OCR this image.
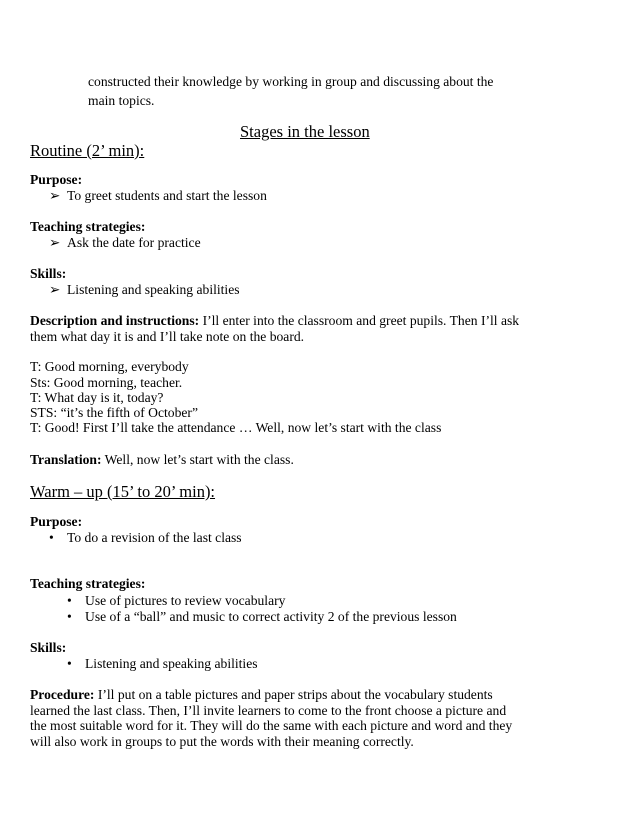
constructed their knowledge by working in group and discussing about the
main topics.
Stages in the lesson
Routine (2’ min):
Purpose:
➢ To greet students and start the lesson
Teaching strategies:
➢ Ask the date for practice
Skills:
➢ Listening and speaking abilities
Description and instructions: I’ll enter into the classroom and greet pupils. Then I’ll ask
them what day it is and I’ll take note on the board.
T: Good morning, everybody
Sts: Good morning, teacher.
T: What day is it, today?
STS: “it’s the fifth of October”
T: Good! First I’ll take the attendance … Well, now let’s start with the class
Translation: Well, now let’s start with the class.
Warm – up (15’ to 20’ min):
Purpose:
• To do a revision of the last class
Teaching strategies:
• Use of pictures to review vocabulary
• Use of a “ball” and music to correct activity 2 of the previous lesson
Skills:
• Listening and speaking abilities
Procedure: I’ll put on a table pictures and paper strips about the vocabulary students
learned the last class. Then, I’ll invite learners to come to the front choose a picture and
the most suitable word for it. They will do the same with each picture and word and they
will also work in groups to put the words with their meaning correctly.
